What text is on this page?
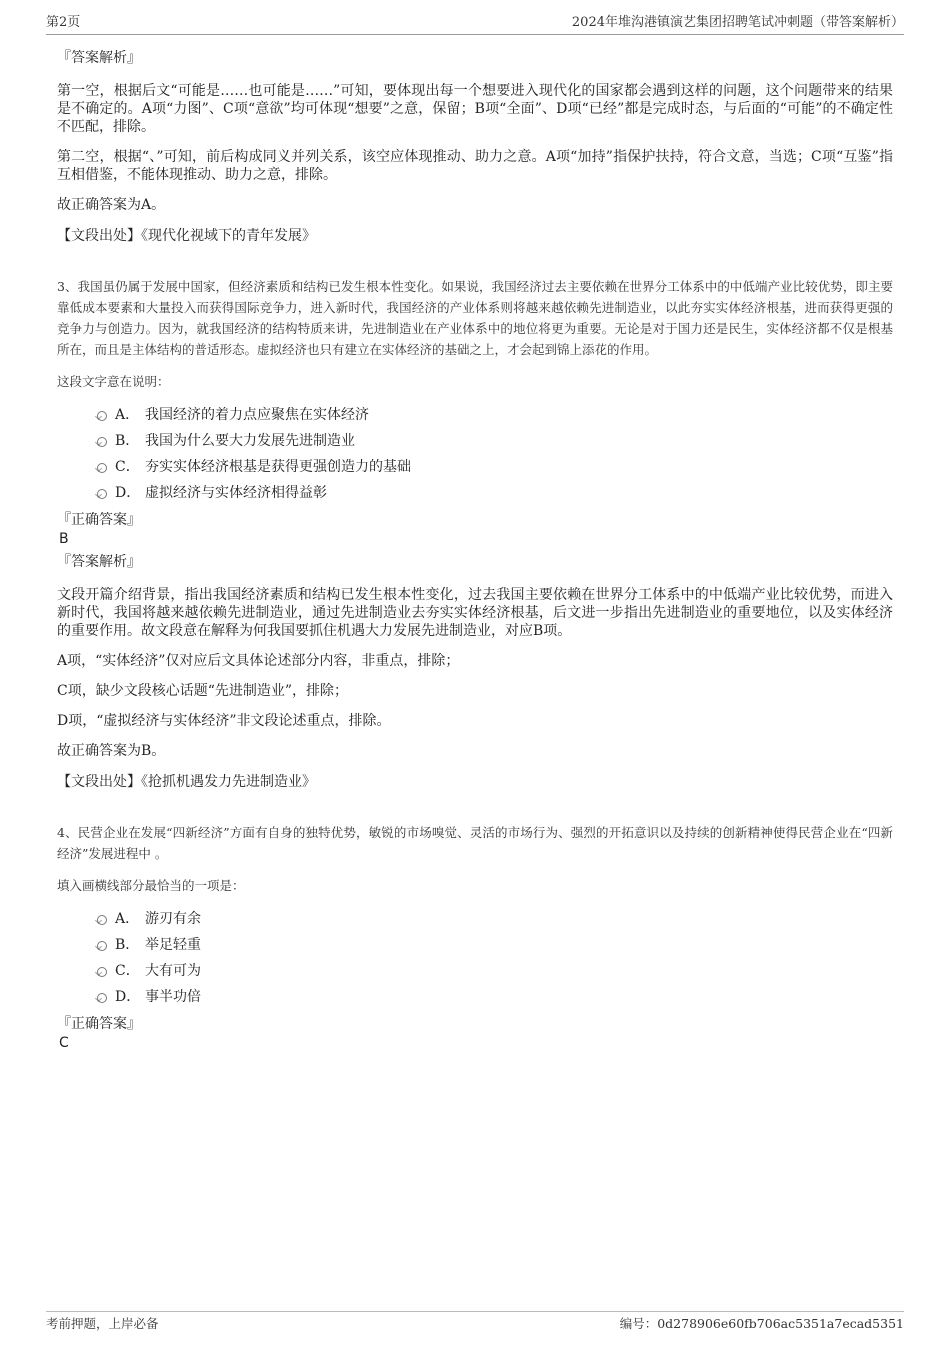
第2页	2024年堆沟港镇演艺集团招聘笔试冲刺题（带答案解析）

『答案解析』

第一空，根据后文“可能是……也可能是……”可知，要体现出每一个想要进入现代化的国家都会遇到这样的问题，这个问题带来的结果是不确定的。A项“力图”、C项“意欲”均可体现“想要”之意，保留；B项“全面”、D项“已经”都是完成时态，与后面的“可能”的不确定性不匹配，排除。

第二空，根据“、”可知，前后构成同义并列关系，该空应体现推动、助力之意。A项“加持”指保护扶持，符合文意，当选；C项“互鉴”指互相借鉴，不能体现推动、助力之意，排除。

故正确答案为A。

【文段出处】《现代化视域下的青年发展》

3、我国虽仍属于发展中国家，但经济素质和结构已发生根本性变化。如果说，我国经济过去主要依赖在世界分工体系中的中低端产业比较优势，即主要靠低成本要素和大量投入而获得国际竞争力，进入新时代，我国经济的产业体系则将越来越依赖先进制造业，以此夯实实体经济根基，进而获得更强的竞争力与创造力。因为，就我国经济的结构特质来讲，先进制造业在产业体系中的地位将更为重要。无论是对于国力还是民生，实体经济都不仅是根基所在，而且是主体结构的普适形态。虚拟经济也只有建立在实体经济的基础之上，才会起到锦上添花的作用。

这段文字意在说明：

A． 我国经济的着力点应聚焦在实体经济
B． 我国为什么要大力发展先进制造业
C． 夯实实体经济根基是获得更强创造力的基础
D． 虚拟经济与实体经济相得益彰

『正确答案』

B

『答案解析』

文段开篇介绍背景，指出我国经济素质和结构已发生根本性变化，过去我国主要依赖在世界分工体系中的中低端产业比较优势，而进入新时代，我国将越来越依赖先进制造业，通过先进制造业去夯实实体经济根基，后文进一步指出先进制造业的重要地位，以及实体经济的重要作用。故文段意在解释为何我国要抓住机遇大力发展先进制造业，对应B项。

A项，“实体经济”仅对应后文具体论述部分内容，非重点，排除；

C项，缺少文段核心话题“先进制造业”，排除；

D项，“虚拟经济与实体经济”非文段论述重点，排除。

故正确答案为B。

【文段出处】《抢抓机遇发力先进制造业》

4、民营企业在发展“四新经济”方面有自身的独特优势，敏锐的市场嗅觉、灵活的市场行为、强烈的开拓意识以及持续的创新精神使得民营企业在“四新经济”发展进程中 。

填入画横线部分最恰当的一项是：

A． 游刃有余
B． 举足轻重
C． 大有可为
D． 事半功倍

『正确答案』

C

考前押题，上岸必备	编号：0d278906e60fb706ac5351a7ecad5351
